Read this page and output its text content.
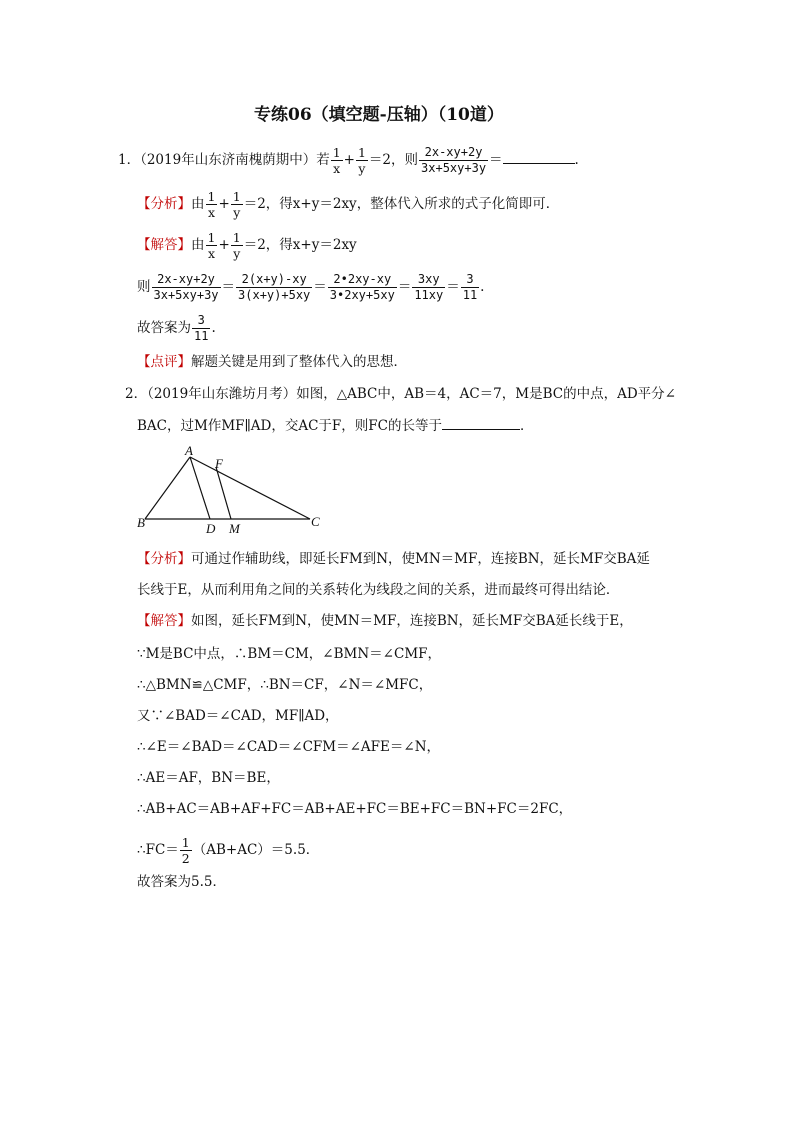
专练06（填空题-压轴）（10道）
1．（2019年山东济南槐荫期中）若 $\frac{1}{x} + \frac{1}{y} =2$，则 $\frac{2x-xy+2y}{3x+5xy+3y}$ ＝	.
【分析】由 $\frac{1}{x} + \frac{1}{y} =2$，得x+y＝2xy，整体代入所求的式子化简即可．
【解答】由 $\frac{1}{x} + \frac{1}{y} =2$，得x+y＝2xy
则 $\frac{2x-xy+2y}{3x+5xy+3y} = \frac{2(x+y)-xy}{3(x+y)+5xy} = \frac{2•2xy-xy}{3•2xy+5xy} = \frac{3xy}{11xy} = \frac{3}{11}$ .
故答案为 $\frac{3}{11}$ .
【点评】解题关键是用到了整体代入的思想．
2．（2019年山东潍坊月考）如图，△ABC中，AB＝4，AC＝7，M是BC的中点，AD平分∠
BAC，过M作MF∥AD，交AC于F，则FC的长等于	．
A
F
B	D M	C
【分析】可通过作辅助线，即延长FM到N，使MN＝MF，连接BN，延长MF交BA延
长线于E，从而利用角之间的关系转化为线段之间的关系，进而最终可得出结论．
【解答】如图，延长FM到N，使MN＝MF，连接BN，延长MF交BA延长线于E，
∵M是BC中点，∴BM＝CM，∠BMN＝∠CMF，
∴△BMN≌△CMF，∴BN＝CF，∠N＝∠MFC，
又∵∠BAD＝∠CAD，MF∥AD，
∴∠E＝∠BAD＝∠CAD＝∠CFM＝∠AFE＝∠N，
∴AE＝AF，BN＝BE，
∴AB+AC＝AB+AF+FC＝AB+AE+FC＝BE+FC＝BN+FC＝2FC，
∴FC＝ $\frac{1}{2} (AB+AC)=5.5$．
故答案为5.5．
